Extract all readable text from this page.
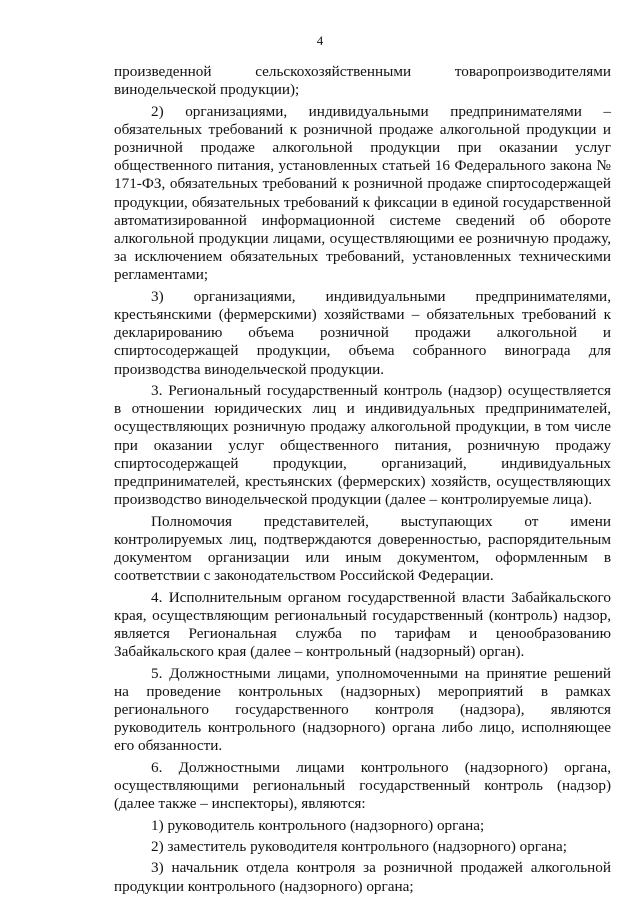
4

произведенной сельскохозяйственными товаропроизводителями винодельческой продукции);

2) организациями, индивидуальными предпринимателями – обязательных требований к розничной продаже алкогольной продукции и розничной продаже алкогольной продукции при оказании услуг общественного питания, установленных статьей 16 Федерального закона № 171-ФЗ, обязательных требований к розничной продаже спиртосодержащей продукции, обязательных требований к фиксации в единой государственной автоматизированной информационной системе сведений об обороте алкогольной продукции лицами, осуществляющими ее розничную продажу, за исключением обязательных требований, установленных техническими регламентами;

3) организациями, индивидуальными предпринимателями, крестьянскими (фермерскими) хозяйствами – обязательных требований к декларированию объема розничной продажи алкогольной и спиртосодержащей продукции, объема собранного винограда для производства винодельческой продукции.

3. Региональный государственный контроль (надзор) осуществляется в отношении юридических лиц и индивидуальных предпринимателей, осуществляющих розничную продажу алкогольной продукции, в том числе при оказании услуг общественного питания, розничную продажу спиртосодержащей продукции, организаций, индивидуальных предпринимателей, крестьянских (фермерских) хозяйств, осуществляющих производство винодельческой продукции (далее – контролируемые лица).

Полномочия представителей, выступающих от имени контролируемых лиц, подтверждаются доверенностью, распорядительным документом организации или иным документом, оформленным в соответствии с законодательством Российской Федерации.

4. Исполнительным органом государственной власти Забайкальского края, осуществляющим региональный государственный (контроль) надзор, является Региональная служба по тарифам и ценообразованию Забайкальского края (далее – контрольный (надзорный) орган).

5. Должностными лицами, уполномоченными на принятие решений на проведение контрольных (надзорных) мероприятий в рамках регионального государственного контроля (надзора), являются руководитель контрольного (надзорного) органа либо лицо, исполняющее его обязанности.

6. Должностными лицами контрольного (надзорного) органа, осуществляющими региональный государственный контроль (надзор) (далее также – инспекторы), являются:

1) руководитель контрольного (надзорного) органа;

2) заместитель руководителя контрольного (надзорного) органа;

3) начальник отдела контроля за розничной продажей алкогольной продукции контрольного (надзорного) органа;
